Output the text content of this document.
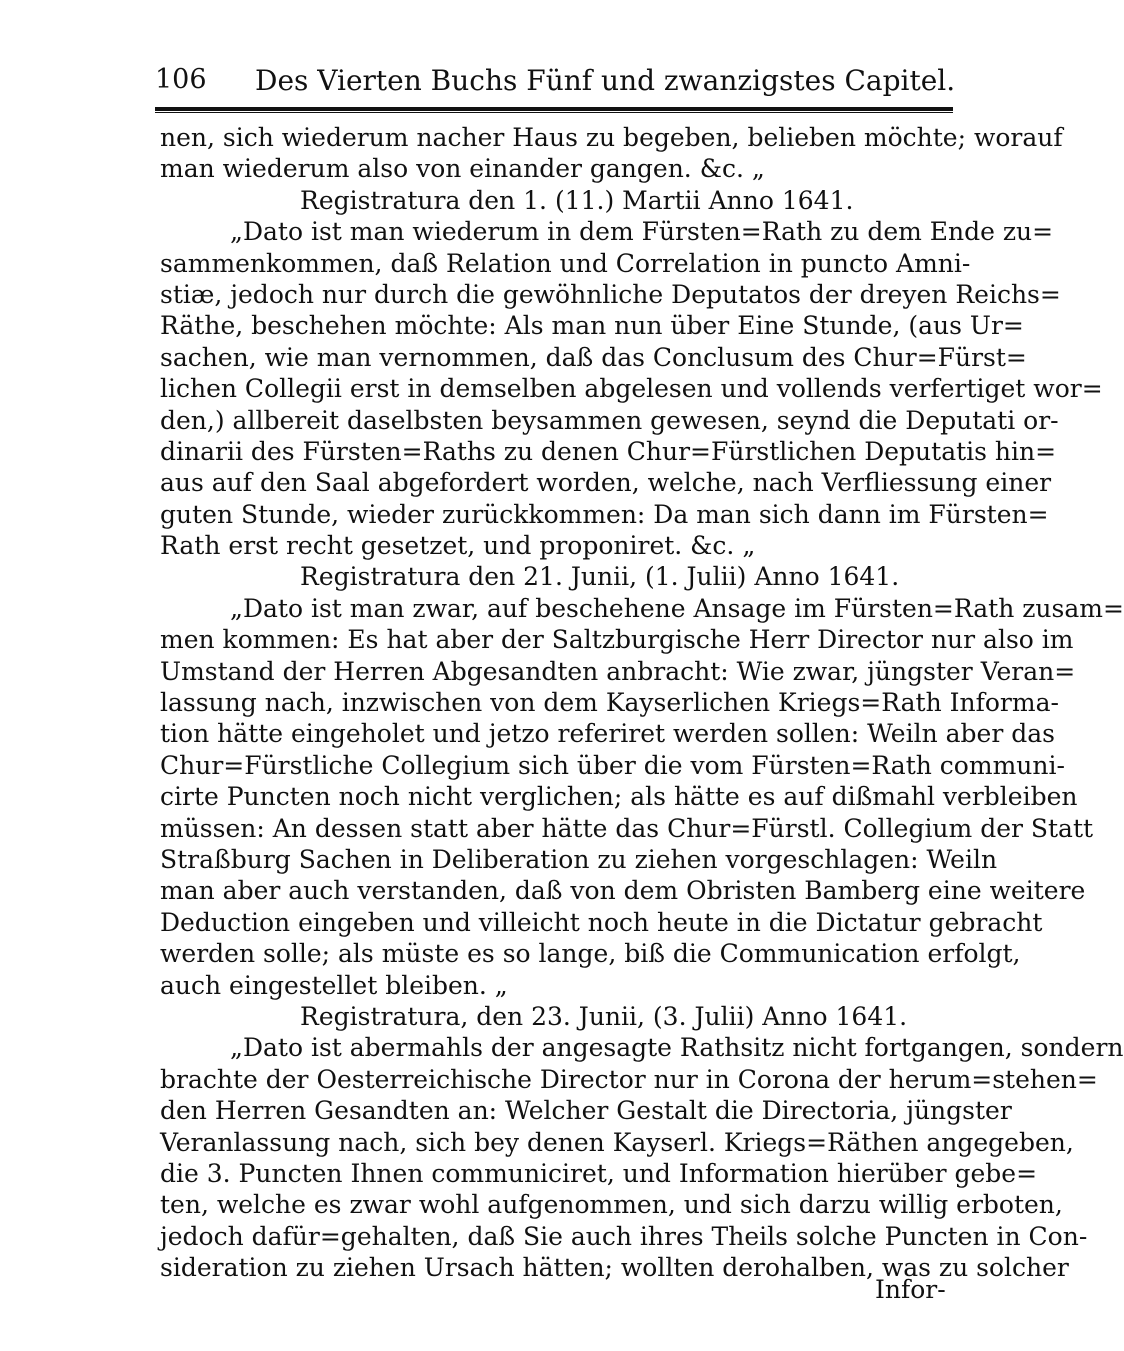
106 Des Vierten Buchs Fünf und zwanzigstes Capitel.
nen, sich wiederum nacher Haus zu begeben, belieben möchte; worauf
man wiederum also von einander gangen. &c. „
Registratura den 1. (11.) Martii Anno 1641.
„Dato ist man wiederum in dem Fürsten=Rath zu dem Ende zu=
sammenkommen, daß Relation und Correlation in puncto Amni-
stiæ, jedoch nur durch die gewöhnliche Deputatos der dreyen Reichs=
Räthe, beschehen möchte: Als man nun über Eine Stunde, (aus Ur=
sachen, wie man vernommen, daß das Conclusum des Chur=Fürst=
lichen Collegii erst in demselben abgelesen und vollends verfertiget wor=
den,) allbereit daselbsten beysammen gewesen, seynd die Deputati or-
dinarii des Fürsten=Raths zu denen Chur=Fürstlichen Deputatis hin=
aus auf den Saal abgefordert worden, welche, nach Verfliessung einer
guten Stunde, wieder zurückkommen: Da man sich dann im Fürsten=
Rath erst recht gesetzet, und proponiret. &c. „
Registratura den 21. Junii, (1. Julii) Anno 1641.
„Dato ist man zwar, auf beschehene Ansage im Fürsten=Rath zusam=
men kommen: Es hat aber der Saltzburgische Herr Director nur also im
Umstand der Herren Abgesandten anbracht: Wie zwar, jüngster Veran=
lassung nach, inzwischen von dem Kayserlichen Kriegs=Rath Informa-
tion hätte eingeholet und jetzo referiret werden sollen: Weiln aber das
Chur=Fürstliche Collegium sich über die vom Fürsten=Rath communi-
cirte Puncten noch nicht verglichen; als hätte es auf dißmahl verbleiben
müssen: An dessen statt aber hätte das Chur=Fürstl. Collegium der Statt
Straßburg Sachen in Deliberation zu ziehen vorgeschlagen: Weiln
man aber auch verstanden, daß von dem Obristen Bamberg eine weitere
Deduction eingeben und villeicht noch heute in die Dictatur gebracht
werden solle; als müste es so lange, biß die Communication erfolgt,
auch eingestellet bleiben. „
Registratura, den 23. Junii, (3. Julii) Anno 1641.
„Dato ist abermahls der angesagte Rathsitz nicht fortgangen, sondern
brachte der Oesterreichische Director nur in Corona der herum=stehen=
den Herren Gesandten an: Welcher Gestalt die Directoria, jüngster
Veranlassung nach, sich bey denen Kayserl. Kriegs=Räthen angegeben,
die 3. Puncten Ihnen communiciret, und Information hierüber gebe=
ten, welche es zwar wohl aufgenommen, und sich darzu willig erboten,
jedoch dafür=gehalten, daß Sie auch ihres Theils solche Puncten in Con-
sideration zu ziehen Ursach hätten; wollten derohalben, was zu solcher
Infor-
